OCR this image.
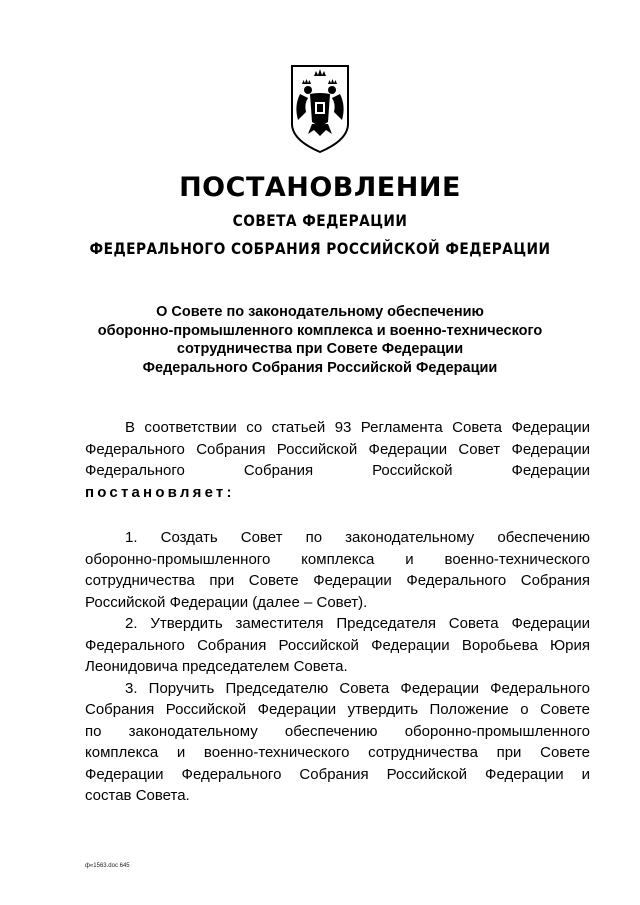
ПОСТАНОВЛЕНИЕ
СОВЕТА ФЕДЕРАЦИИ
ФЕДЕРАЛЬНОГО СОБРАНИЯ РОССИЙСКОЙ ФЕДЕРАЦИИ
О Совете по законодательному обеспечению
оборонно-промышленного комплекса и военно-технического
сотрудничества при Совете Федерации
Федерального Собрания Российской Федерации
В соответствии со статьей 93 Регламента Совета Федерации
Федерального Собрания Российской Федерации Совет Федерации
Федерального Собрания Российской Федерации
постановляет:
1. Создать Совет по законодательному обеспечению
оборонно-промышленного комплекса и военно-технического
сотрудничества при Совете Федерации Федерального Собрания
Российской Федерации (далее – Совет).
2. Утвердить заместителя Председателя Совета Федерации
Федерального Собрания Российской Федерации Воробьева Юрия
Леонидовича председателем Совета.
3. Поручить Председателю Совета Федерации Федерального
Собрания Российской Федерации утвердить Положение о Совете
по законодательному обеспечению оборонно-промышленного
комплекса и военно-технического сотрудничества при Совете
Федерации Федерального Собрания Российской Федерации и
состав Совета.
ф«1563.doc 645
